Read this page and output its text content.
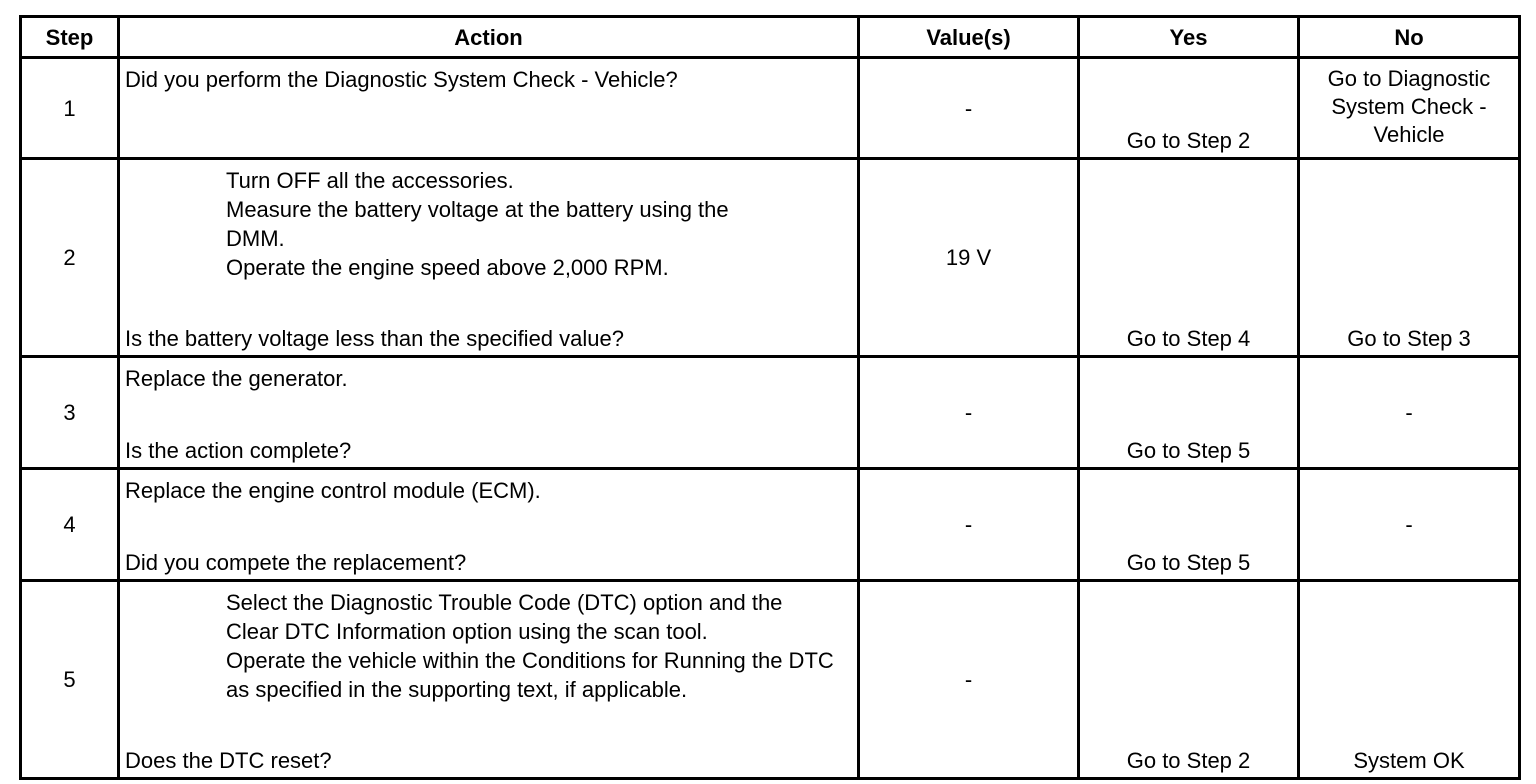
Step	Action	Value(s)	Yes	No
1	Did you perform the Diagnostic System Check - Vehicle?	-	Go to Step 2	Go to Diagnostic System Check - Vehicle
2	Turn OFF all the accessories.
Measure the battery voltage at the battery using the DMM.
Operate the engine speed above 2,000 RPM.
Is the battery voltage less than the specified value?	19 V	Go to Step 4	Go to Step 3

3	Replace the generator.
Is the action complete?	-	Go to Step 5	-
4	Replace the engine control module (ECM).
Did you compete the replacement?	-	Go to Step 5	-
5	Select the Diagnostic Trouble Code (DTC) option and the Clear DTC Information option using the scan tool.
Operate the vehicle within the Conditions for Running the DTC as specified in the supporting text, if applicable.
Does the DTC reset?	-	Go to Step 2	System OK
